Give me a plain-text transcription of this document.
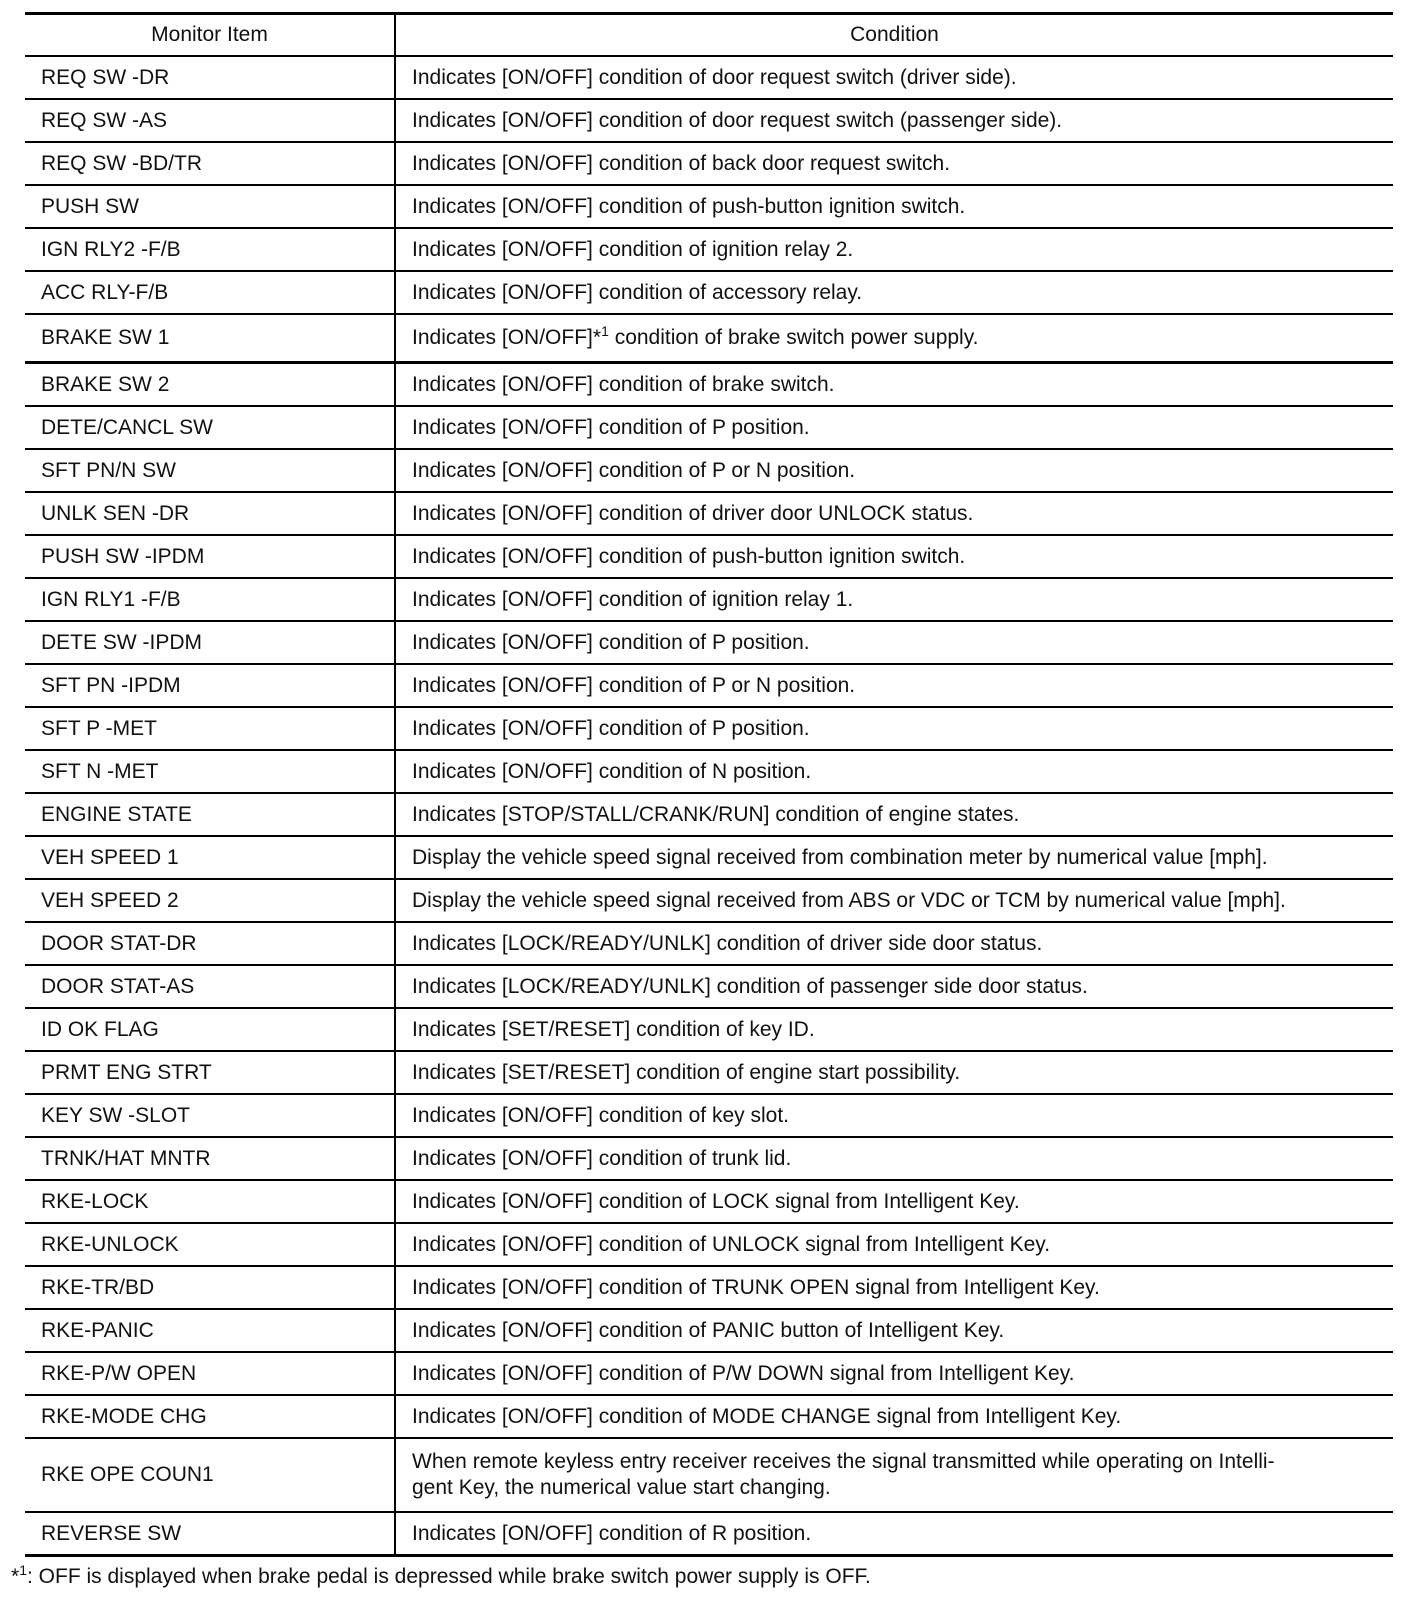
Monitor Item	Condition
REQ SW -DR	Indicates [ON/OFF] condition of door request switch (driver side).
REQ SW -AS	Indicates [ON/OFF] condition of door request switch (passenger side).
REQ SW -BD/TR	Indicates [ON/OFF] condition of back door request switch.
PUSH SW	Indicates [ON/OFF] condition of push-button ignition switch.
IGN RLY2 -F/B	Indicates [ON/OFF] condition of ignition relay 2.
ACC RLY-F/B	Indicates [ON/OFF] condition of accessory relay.
BRAKE SW 1	Indicates [ON/OFF]*$^1$ condition of brake switch power supply.
BRAKE SW 2	Indicates [ON/OFF] condition of brake switch.
DETE/CANCL SW	Indicates [ON/OFF] condition of P position.
SFT PN/N SW	Indicates [ON/OFF] condition of P or N position.
UNLK SEN -DR	Indicates [ON/OFF] condition of driver door UNLOCK status.
PUSH SW -IPDM	Indicates [ON/OFF] condition of push-button ignition switch.
IGN RLY1 -F/B	Indicates [ON/OFF] condition of ignition relay 1.
DETE SW -IPDM	Indicates [ON/OFF] condition of P position.
SFT PN -IPDM	Indicates [ON/OFF] condition of P or N position.
SFT P -MET	Indicates [ON/OFF] condition of P position.
SFT N -MET	Indicates [ON/OFF] condition of N position.
ENGINE STATE	Indicates [STOP/STALL/CRANK/RUN] condition of engine states.
VEH SPEED 1	Display the vehicle speed signal received from combination meter by numerical value [mph].
VEH SPEED 2	Display the vehicle speed signal received from ABS or VDC or TCM by numerical value [mph].
DOOR STAT-DR	Indicates [LOCK/READY/UNLK] condition of driver side door status.
DOOR STAT-AS	Indicates [LOCK/READY/UNLK] condition of passenger side door status.
ID OK FLAG	Indicates [SET/RESET] condition of key ID.
PRMT ENG STRT	Indicates [SET/RESET] condition of engine start possibility.
KEY SW -SLOT	Indicates [ON/OFF] condition of key slot.
TRNK/HAT MNTR	Indicates [ON/OFF] condition of trunk lid.
RKE-LOCK	Indicates [ON/OFF] condition of LOCK signal from Intelligent Key.
RKE-UNLOCK	Indicates [ON/OFF] condition of UNLOCK signal from Intelligent Key.
RKE-TR/BD	Indicates [ON/OFF] condition of TRUNK OPEN signal from Intelligent Key.
RKE-PANIC	Indicates [ON/OFF] condition of PANIC button of Intelligent Key.
RKE-P/W OPEN	Indicates [ON/OFF] condition of P/W DOWN signal from Intelligent Key.
RKE-MODE CHG	Indicates [ON/OFF] condition of MODE CHANGE signal from Intelligent Key.
RKE OPE COUN1	When remote keyless entry receiver receives the signal transmitted while operating on Intelli-
gent Key, the numerical value start changing.
REVERSE SW	Indicates [ON/OFF] condition of R position.
*$^1$: OFF is displayed when brake pedal is depressed while brake switch power supply is OFF.
